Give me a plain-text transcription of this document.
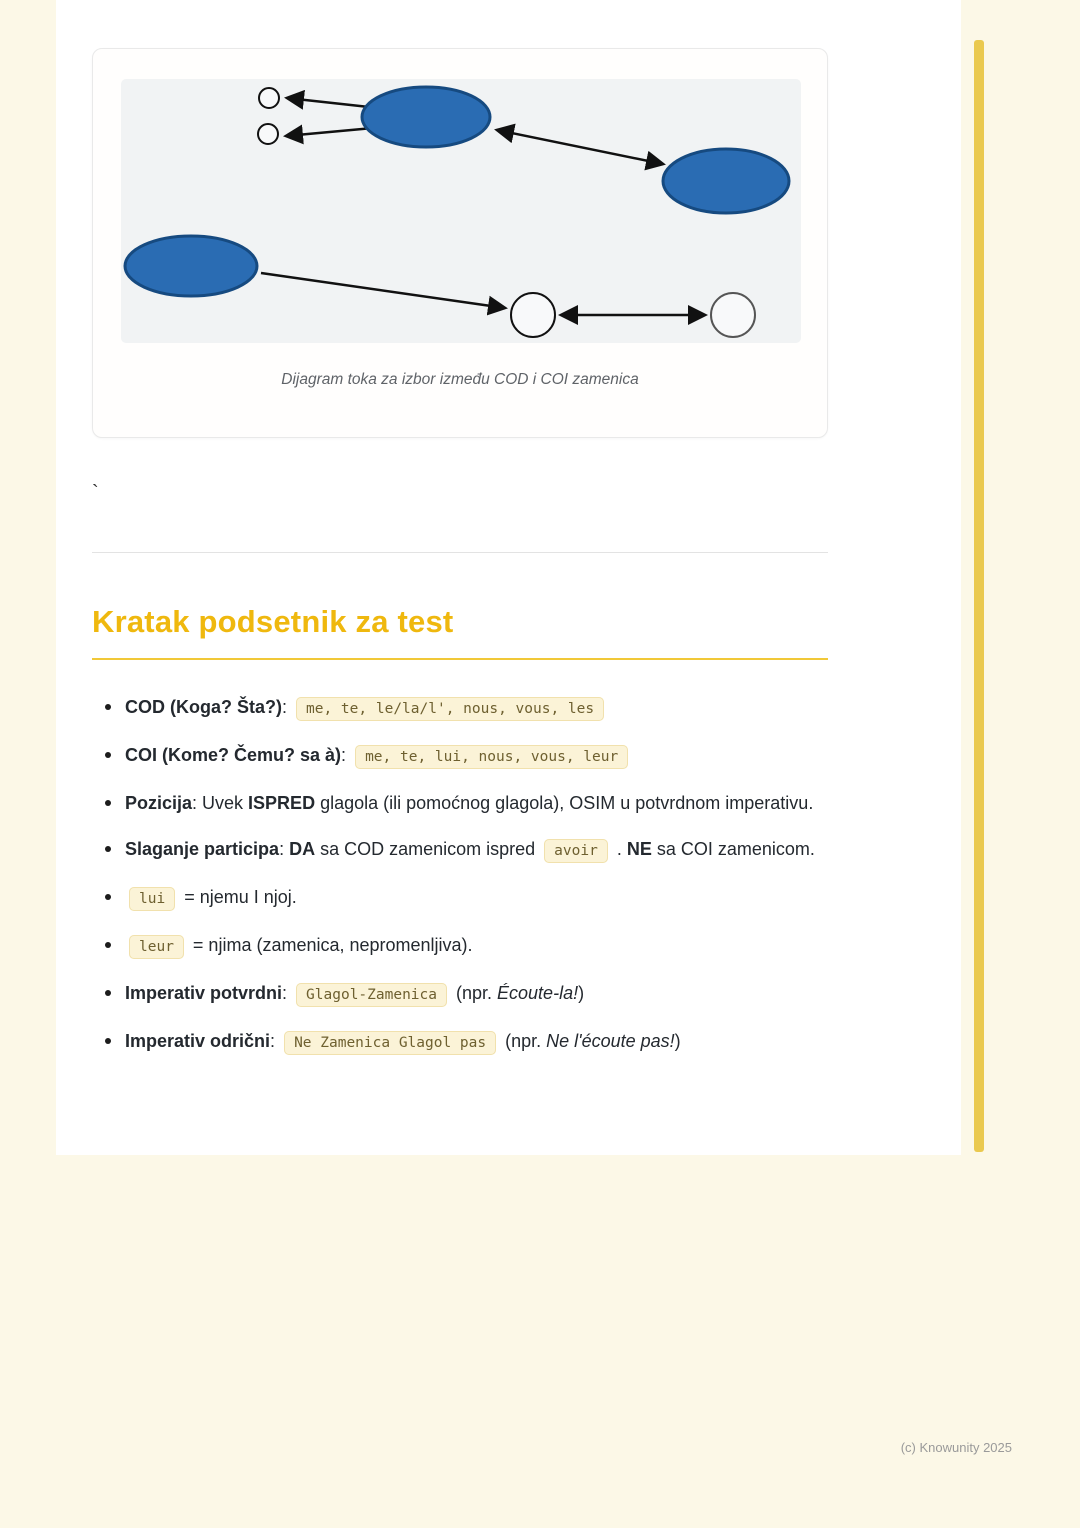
Dijagram toka za izbor između COD i COI zamenica
`
Kratak podsetnik za test
COD (Koga? Šta?): me, te, le/la/l', nous, vous, les
COI (Kome? Čemu? sa à): me, te, lui, nous, vous, leur
Pozicija: Uvek ISPRED glagola (ili pomoćnog glagola), OSIM u potvrdnom imperativu.
Slaganje participa: DA sa COD zamenicom ispred avoir . NE sa COI zamenicom.
lui = njemu I njoj.
leur = njima (zamenica, nepromenljiva).
Imperativ potvrdni: Glagol-Zamenica (npr. Écoute-la!)
Imperativ odrični: Ne Zamenica Glagol pas (npr. Ne l'écoute pas!)
(c) Knowunity 2025
